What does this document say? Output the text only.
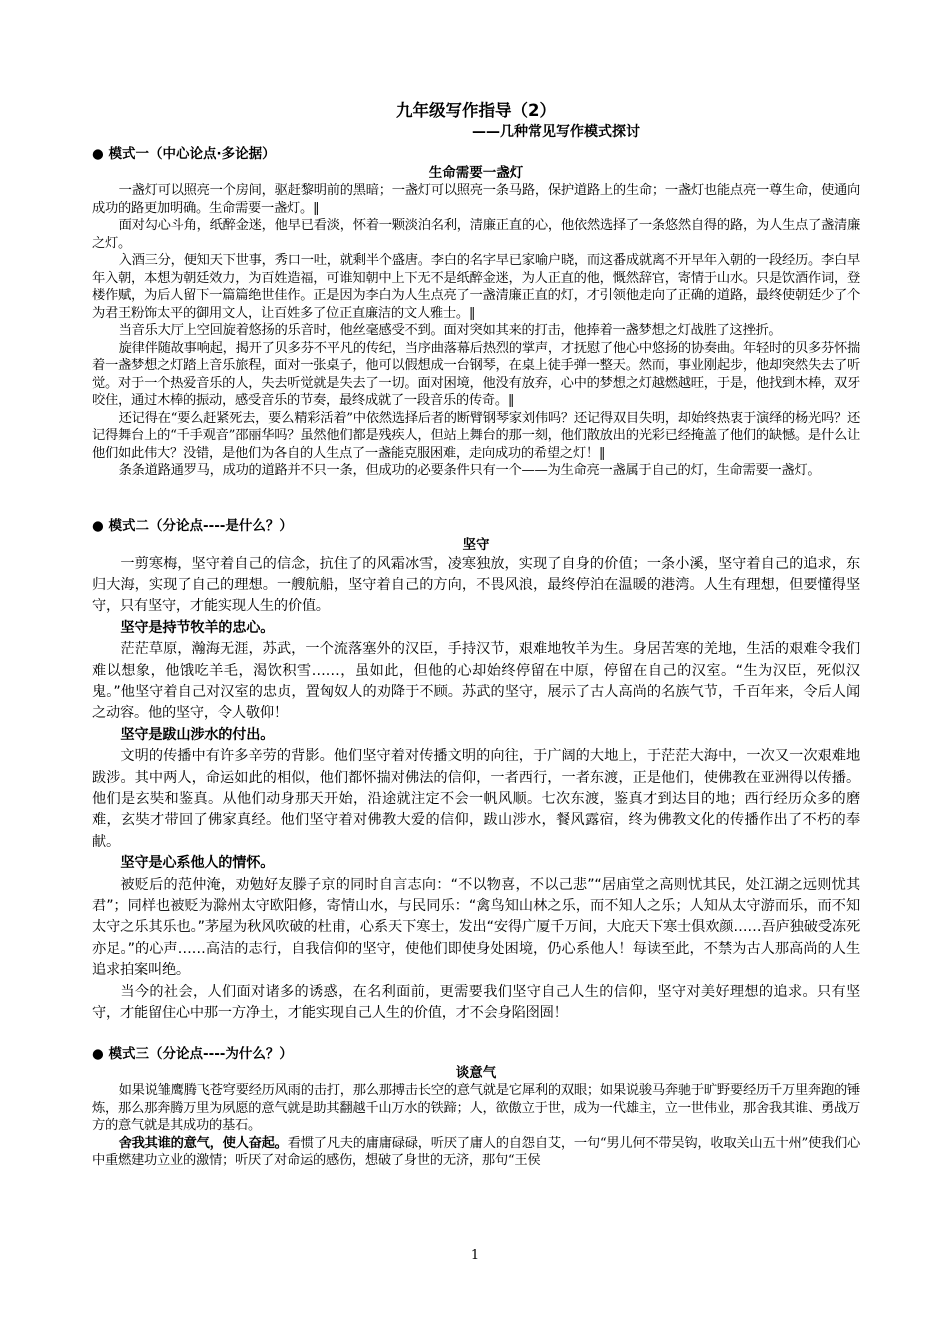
九年级写作指导（2）

——几种常见写作模式探讨

● 模式一（中心论点·多论据）

生命需要一盏灯

一盏灯可以照亮一个房间，驱赶黎明前的黑暗；一盏灯可以照亮一条马路，保护道路上的生命；一盏灯也能点亮一尊生命，使通向成功的路更加明确。生命需要一盏灯。‖

面对勾心斗角，纸醉金迷，他早已看淡，怀着一颗淡泊名利，清廉正直的心，他依然选择了一条悠然自得的路，为人生点了盏清廉之灯。

入酒三分，便知天下世事，秀口一吐，就剩半个盛唐。李白的名字早已家喻户晓，而这番成就离不开早年入朝的一段经历。李白早年入朝，本想为朝廷效力，为百姓造福，可谁知朝中上下无不是纸醉金迷，为人正直的他，慨然辞官，寄情于山水。只是饮酒作词，登楼作赋，为后人留下一篇篇绝世佳作。正是因为李白为人生点亮了一盏清廉正直的灯，才引领他走向了正确的道路，最终使朝廷少了个为君王粉饰太平的御用文人，让百姓多了位正直廉洁的文人雅士。‖

当音乐大厅上空回旋着悠扬的乐音时，他丝毫感受不到。面对突如其来的打击，他捧着一盏梦想之灯战胜了这挫折。

旋律伴随故事响起，揭开了贝多芬不平凡的传纪，当序曲落幕后热烈的掌声，才抚慰了他心中悠扬的协奏曲。年轻时的贝多芬怀揣着一盏梦想之灯踏上音乐旅程，面对一张桌子，他可以假想成一台钢琴，在桌上徒手弹一整天。然而，事业刚起步，他却突然失去了听觉。对于一个热爱音乐的人，失去听觉就是失去了一切。面对困境，他没有放弃，心中的梦想之灯越燃越旺，于是，他找到木棒，双牙咬住，通过木棒的振动，感受音乐的节奏，最终成就了一段音乐的传奇。‖

还记得在“要么赶紧死去，要么精彩活着”中依然选择后者的断臂钢琴家刘伟吗？还记得双目失明，却始终热衷于演绎的杨光吗？还记得舞台上的“千手观音”邵丽华吗？虽然他们都是残疾人，但站上舞台的那一刻，他们散放出的光彩已经掩盖了他们的缺憾。是什么让他们如此伟大？没错，是他们为各自的人生点了一盏能克服困难，走向成功的希望之灯！‖

条条道路通罗马，成功的道路并不只一条，但成功的必要条件只有一个——为生命亮一盏属于自己的灯，生命需要一盏灯。

● 模式二（分论点----是什么？）

坚守

一剪寒梅，坚守着自己的信念，抗住了的风霜冰雪，凌寒独放，实现了自身的价值；一条小溪，坚守着自己的追求，东归大海，实现了自己的理想。一艘航船，坚守着自己的方向，不畏风浪，最终停泊在温暖的港湾。人生有理想，但要懂得坚守，只有坚守，才能实现人生的价值。

坚守是持节牧羊的忠心。

茫茫草原，瀚海无涯，苏武，一个流落塞外的汉臣，手持汉节，艰难地牧羊为生。身居苦寒的羌地，生活的艰难令我们难以想象，他饿吃羊毛，渴饮积雪……，虽如此，但他的心却始终停留在中原，停留在自己的汉室。“生为汉臣，死似汉鬼。”他坚守着自己对汉室的忠贞，置匈奴人的劝降于不顾。苏武的坚守，展示了古人高尚的名族气节，千百年来，令后人闻之动容。他的坚守，令人敬仰！

坚守是跋山涉水的付出。

文明的传播中有许多辛劳的背影。他们坚守着对传播文明的向往，于广阔的大地上，于茫茫大海中，一次又一次艰难地跋涉。其中两人，命运如此的相似，他们都怀揣对佛法的信仰，一者西行，一者东渡，正是他们，使佛教在亚洲得以传播。他们是玄奘和鉴真。从他们动身那天开始，沿途就注定不会一帆风顺。七次东渡，鉴真才到达目的地；西行经历众多的磨难，玄奘才带回了佛家真经。他们坚守着对佛教大爱的信仰，跋山涉水，餐风露宿，终为佛教文化的传播作出了不朽的奉献。

坚守是心系他人的情怀。

被贬后的范仲淹，劝勉好友滕子京的同时自言志向：“不以物喜，不以己悲”“居庙堂之高则忧其民，处江湖之远则忧其君”；同样也被贬为滁州太守欧阳修，寄情山水，与民同乐：“禽鸟知山林之乐，而不知人之乐；人知从太守游而乐，而不知太守之乐其乐也。”茅屋为秋风吹破的杜甫，心系天下寒士，发出“安得广厦千万间，大庇天下寒士俱欢颜……吾庐独破受冻死亦足。”的心声……高洁的志行，自我信仰的坚守，使他们即使身处困境，仍心系他人！每读至此，不禁为古人那高尚的人生追求拍案叫绝。

当今的社会，人们面对诸多的诱惑，在名利面前，更需要我们坚守自己人生的信仰，坚守对美好理想的追求。只有坚守，才能留住心中那一方净土，才能实现自己人生的价值，才不会身陷囹圄！

● 模式三（分论点----为什么？）

谈意气

如果说雏鹰腾飞苍穹要经历风雨的击打，那么那搏击长空的意气就是它犀利的双眼；如果说骏马奔驰于旷野要经历千万里奔跑的锤炼，那么那奔腾万里为夙愿的意气就是助其翻越千山万水的铁蹄；人，欲傲立于世，成为一代雄主，立一世伟业，那舍我其谁、勇战万方的意气就是其成功的基石。

舍我其谁的意气，使人奋起。看惯了凡夫的庸庸碌碌，听厌了庸人的自怨自艾，一句“男儿何不带吴钩，收取关山五十州”使我们心中重燃建功立业的激情；听厌了对命运的感伤，想破了身世的无济，那句“王侯

1
